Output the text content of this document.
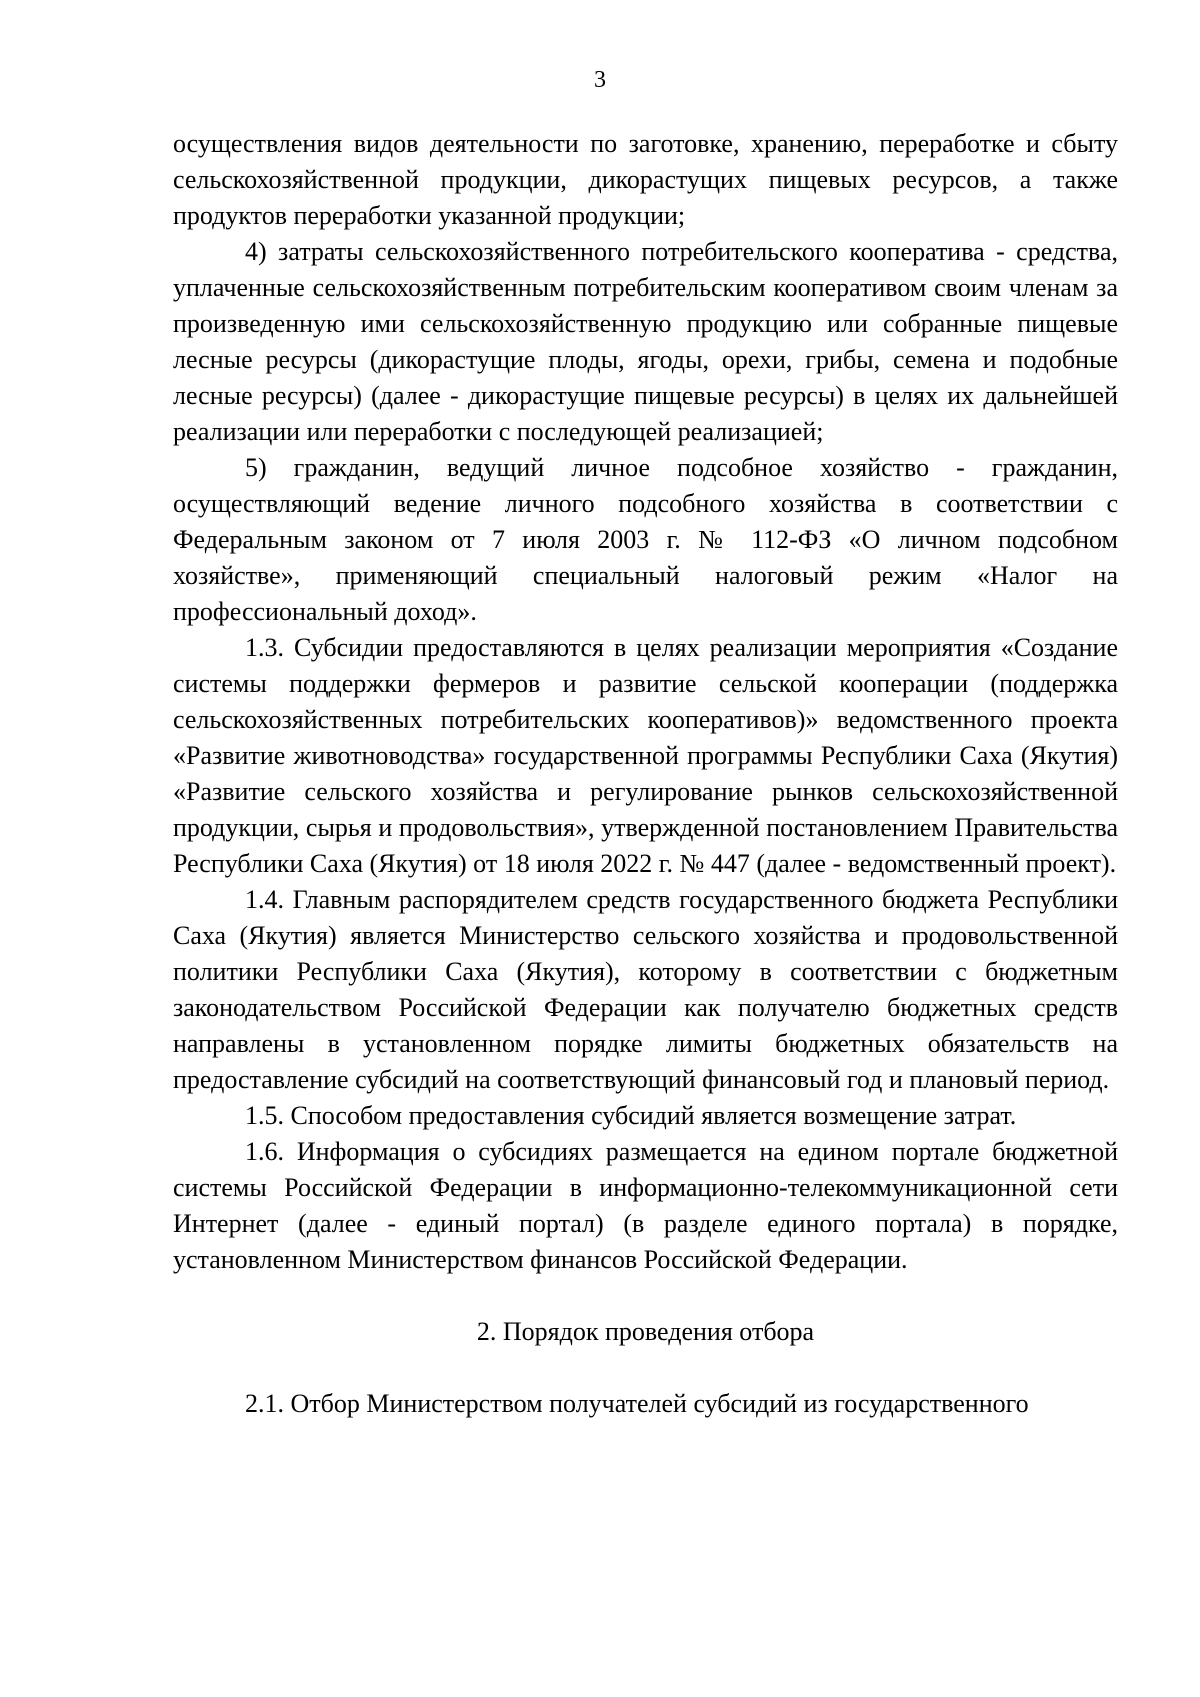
3

осуществления видов деятельности по заготовке, хранению, переработке и сбыту сельскохозяйственной продукции, дикорастущих пищевых ресурсов, а также продуктов переработки указанной продукции;

4) затраты сельскохозяйственного потребительского кооператива - средства, уплаченные сельскохозяйственным потребительским кооперативом своим членам за произведенную ими сельскохозяйственную продукцию или собранные пищевые лесные ресурсы (дикорастущие плоды, ягоды, орехи, грибы, семена и подобные лесные ресурсы) (далее - дикорастущие пищевые ресурсы) в целях их дальнейшей реализации или переработки с последующей реализацией;

5) гражданин, ведущий личное подсобное хозяйство - гражданин, осуществляющий ведение личного подсобного хозяйства в соответствии с Федеральным законом от 7 июля 2003 г. № 112-ФЗ «О личном подсобном хозяйстве», применяющий специальный налоговый режим «Налог на профессиональный доход».

1.3. Субсидии предоставляются в целях реализации мероприятия «Создание системы поддержки фермеров и развитие сельской кооперации (поддержка сельскохозяйственных потребительских кооперативов)» ведомственного проекта «Развитие животноводства» государственной программы Республики Саха (Якутия) «Развитие сельского хозяйства и регулирование рынков сельскохозяйственной продукции, сырья и продовольствия», утвержденной постановлением Правительства Республики Саха (Якутия) от 18 июля 2022 г. № 447 (далее - ведомственный проект).

1.4. Главным распорядителем средств государственного бюджета Республики Саха (Якутия) является Министерство сельского хозяйства и продовольственной политики Республики Саха (Якутия), которому в соответствии с бюджетным законодательством Российской Федерации как получателю бюджетных средств направлены в установленном порядке лимиты бюджетных обязательств на предоставление субсидий на соответствующий финансовый год и плановый период.

1.5. Способом предоставления субсидий является возмещение затрат.

1.6. Информация о субсидиях размещается на едином портале бюджетной системы Российской Федерации в информационно-телекоммуникационной сети Интернет (далее - единый портал) (в разделе единого портала) в порядке, установленном Министерством финансов Российской Федерации.

2. Порядок проведения отбора

2.1. Отбор Министерством получателей субсидий из государственного
